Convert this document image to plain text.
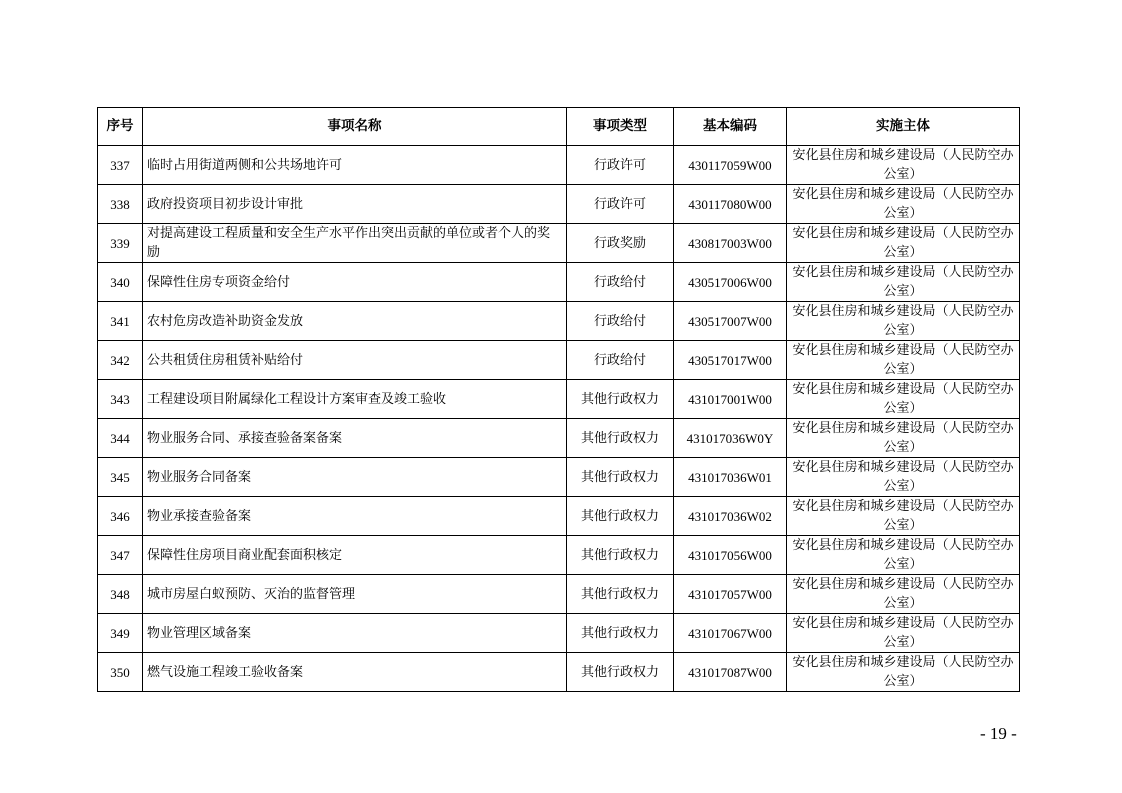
序号	事项名称	事项类型	基本编码	实施主体
337	临时占用街道两侧和公共场地许可	行政许可	430117059W00	安化县住房和城乡建设局（人民防空办公室）
338	政府投资项目初步设计审批	行政许可	430117080W00	安化县住房和城乡建设局（人民防空办公室）
339	对提高建设工程质量和安全生产水平作出突出贡献的单位或者个人的奖励	行政奖励	430817003W00	安化县住房和城乡建设局（人民防空办公室）
340	保障性住房专项资金给付	行政给付	430517006W00	安化县住房和城乡建设局（人民防空办公室）
341	农村危房改造补助资金发放	行政给付	430517007W00	安化县住房和城乡建设局（人民防空办公室）
342	公共租赁住房租赁补贴给付	行政给付	430517017W00	安化县住房和城乡建设局（人民防空办公室）
343	工程建设项目附属绿化工程设计方案审查及竣工验收	其他行政权力	431017001W00	安化县住房和城乡建设局（人民防空办公室）
344	物业服务合同、承接查验备案备案	其他行政权力	431017036W0Y	安化县住房和城乡建设局（人民防空办公室）
345	物业服务合同备案	其他行政权力	431017036W01	安化县住房和城乡建设局（人民防空办公室）
346	物业承接查验备案	其他行政权力	431017036W02	安化县住房和城乡建设局（人民防空办公室）
347	保障性住房项目商业配套面积核定	其他行政权力	431017056W00	安化县住房和城乡建设局（人民防空办公室）
348	城市房屋白蚁预防、灭治的监督管理	其他行政权力	431017057W00	安化县住房和城乡建设局（人民防空办公室）
349	物业管理区域备案	其他行政权力	431017067W00	安化县住房和城乡建设局（人民防空办公室）
350	燃气设施工程竣工验收备案	其他行政权力	431017087W00	安化县住房和城乡建设局（人民防空办公室）
- 19 -
